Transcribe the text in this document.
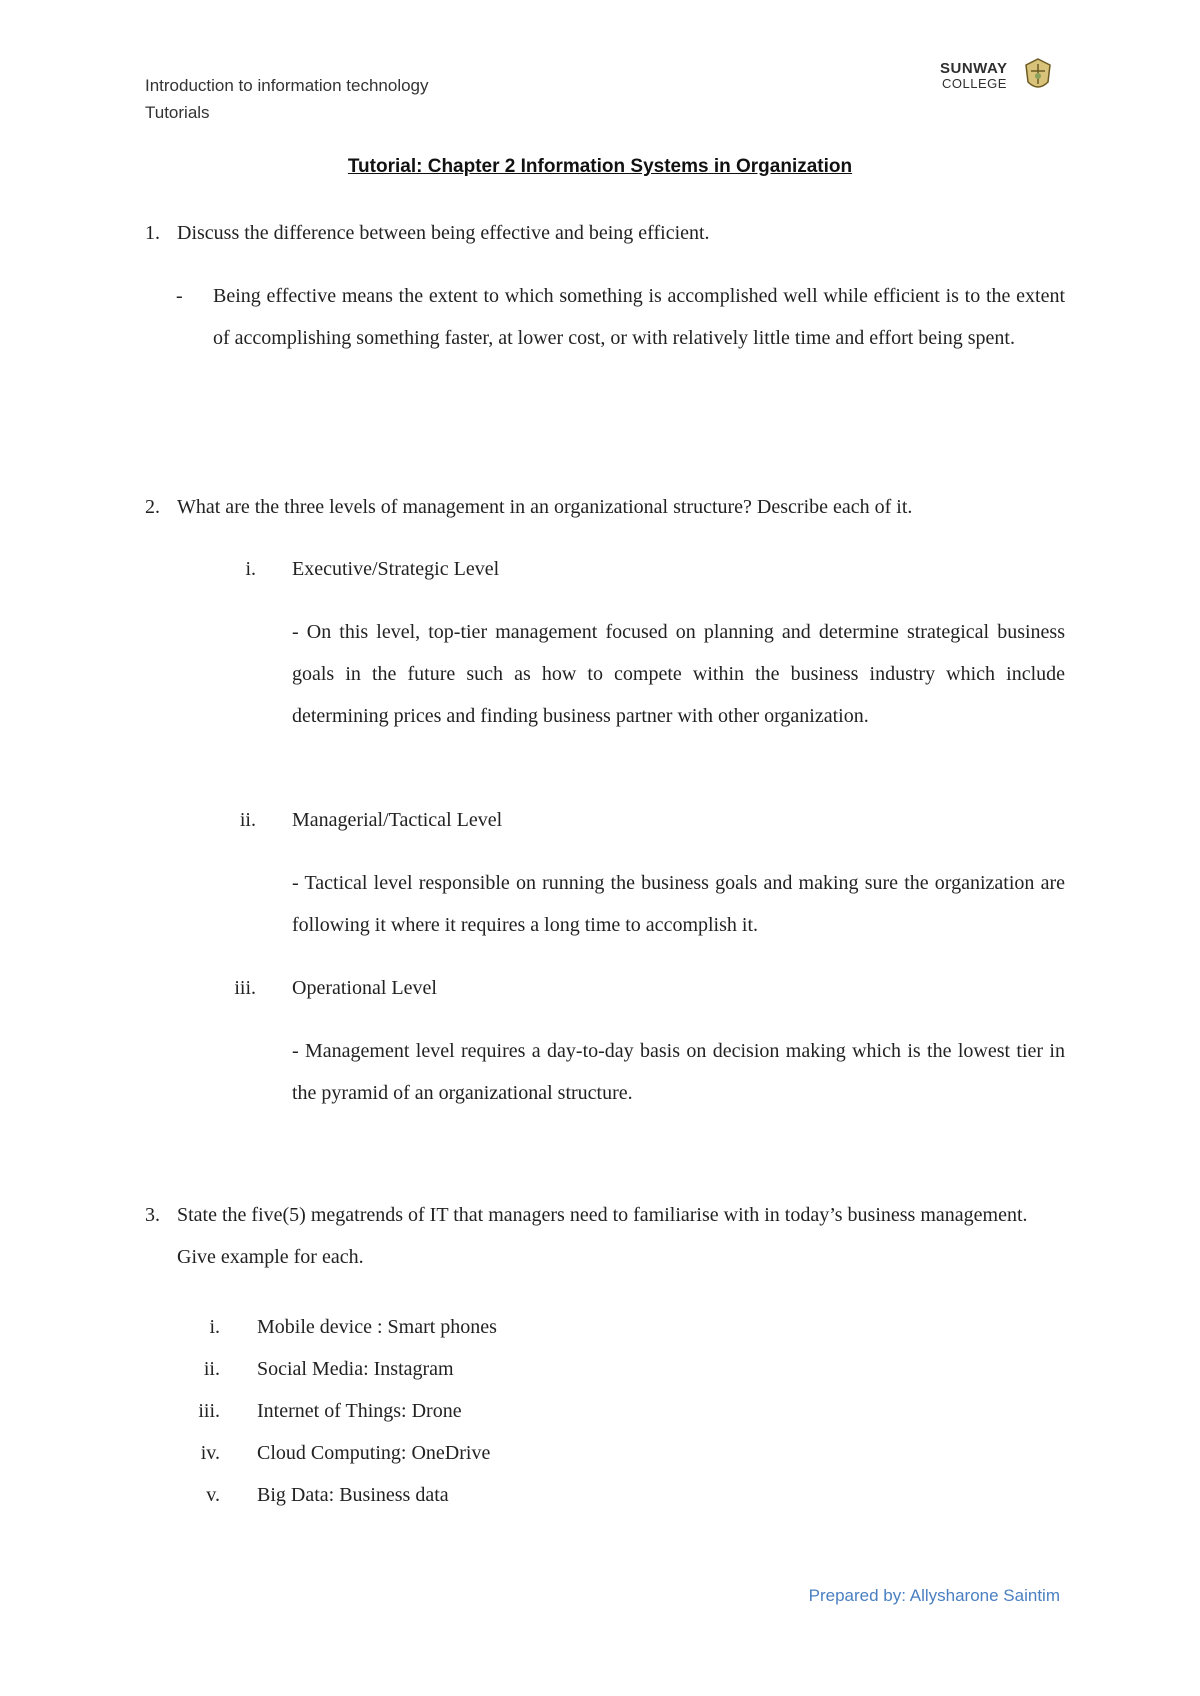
Introduction to information technology
Tutorials
SUNWAY
COLLEGE
Tutorial: Chapter 2 Information Systems in Organization
1. Discuss the difference between being effective and being efficient.
- Being effective means the extent to which something is accomplished well while efficient is to the extent of accomplishing something faster, at lower cost, or with relatively little time and effort being spent.
2. What are the three levels of management in an organizational structure? Describe each of it.
i. Executive/Strategic Level
- On this level, top-tier management focused on planning and determine strategical business goals in the future such as how to compete within the business industry which include determining prices and finding business partner with other organization.
ii. Managerial/Tactical Level
- Tactical level responsible on running the business goals and making sure the organization are following it where it requires a long time to accomplish it.
iii. Operational Level
- Management level requires a day-to-day basis on decision making which is the lowest tier in the pyramid of an organizational structure.
3. State the five(5) megatrends of IT that managers need to familiarise with in today’s business management. Give example for each.
i. Mobile device : Smart phones
ii. Social Media: Instagram
iii. Internet of Things: Drone
iv. Cloud Computing: OneDrive
v. Big Data: Business data
Prepared by: Allysharone Saintim
